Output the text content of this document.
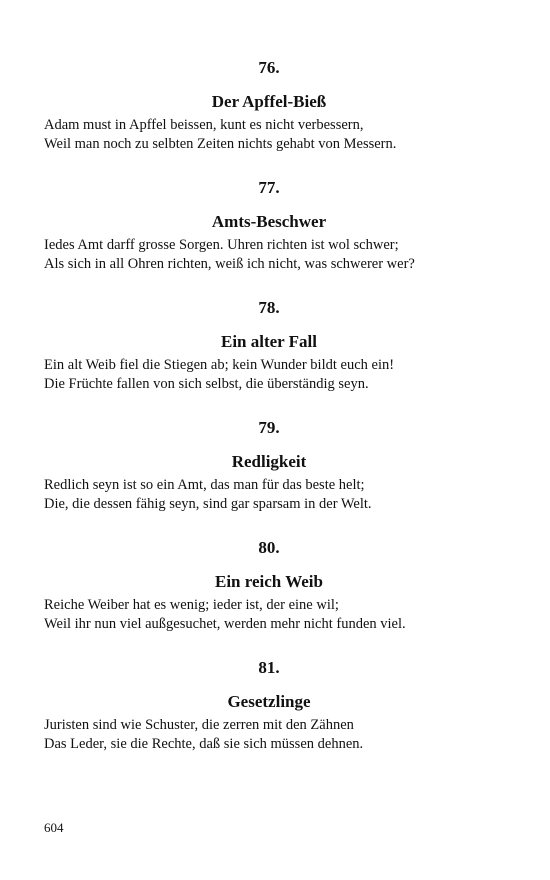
76.
Der Apffel-Bieß

Adam must in Apffel beissen, kunt es nicht verbessern,

Weil man noch zu selbten Zeiten nichts gehabt von Messern.

77.
Amts-Beschwer

Iedes Amt darff grosse Sorgen. Uhren richten ist wol schwer;

Als sich in all Ohren richten, weiß ich nicht, was schwerer wer?

78.
Ein alter Fall

Ein alt Weib fiel die Stiegen ab; kein Wunder bildt euch ein!

Die Früchte fallen von sich selbst, die überständig seyn.

79.
Redligkeit

Redlich seyn ist so ein Amt, das man für das beste helt;

Die, die dessen fähig seyn, sind gar sparsam in der Welt.

80.
Ein reich Weib

Reiche Weiber hat es wenig; ieder ist, der eine wil;

Weil ihr nun viel außgesuchet, werden mehr nicht funden viel.

81.
Gesetzlinge

Juristen sind wie Schuster, die zerren mit den Zähnen

Das Leder, sie die Rechte, daß sie sich müssen dehnen.

604
